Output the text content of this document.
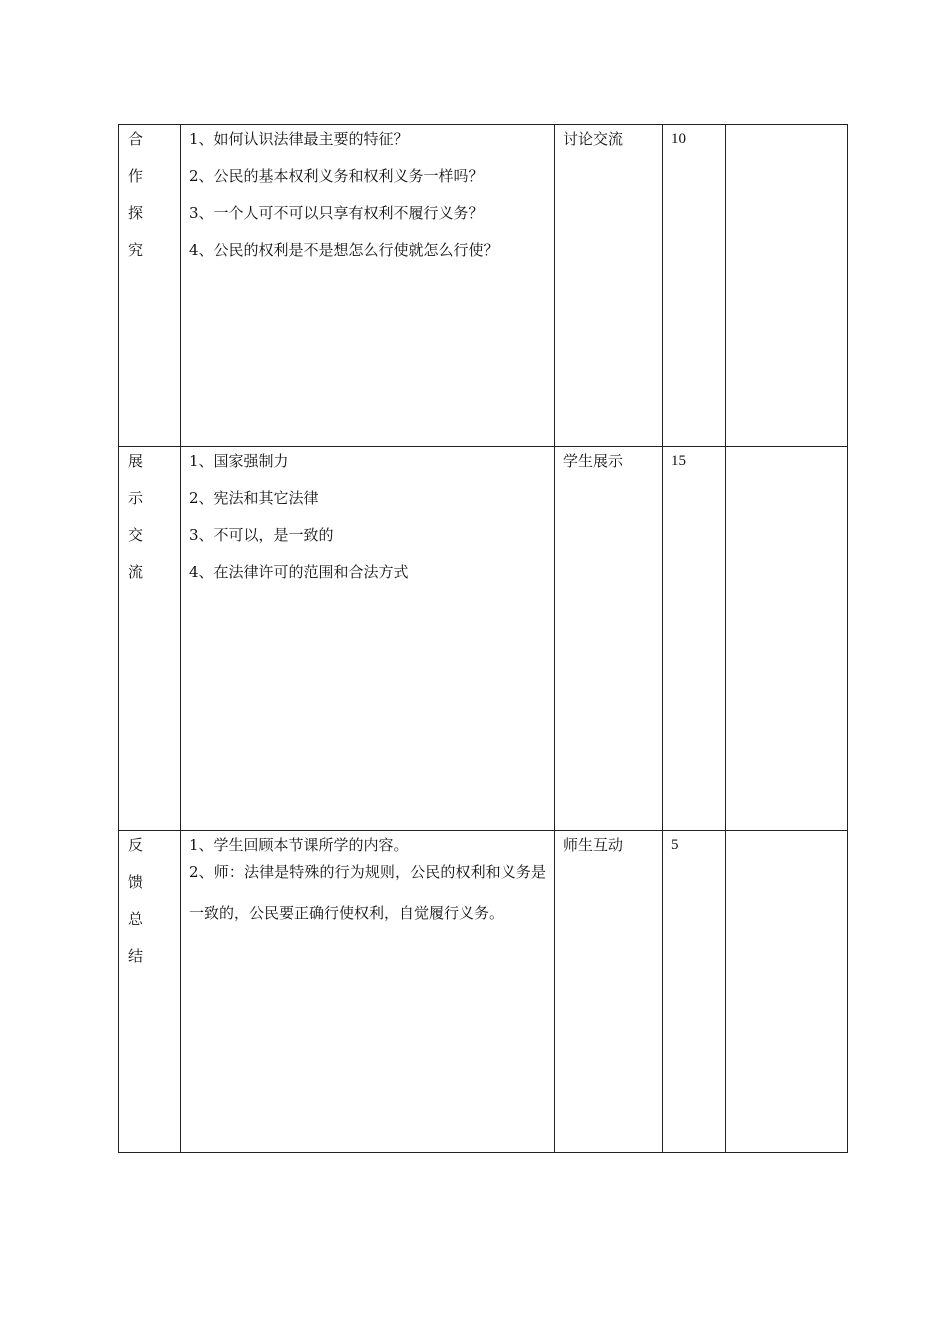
合
作
探
究	1、如何认识法律最主要的特征？
2、公民的基本权利义务和权利义务一样吗？
3、一个人可不可以只享有权利不履行义务？
4、公民的权利是不是想怎么行使就怎么行使？	讨论交流	10	

展
示
交
流	1、国家强制力
2、宪法和其它法律
3、不可以，是一致的
4、在法律许可的范围和合法方式	学生展示	15	

反
馈
总
结	1、学生回顾本节课所学的内容。
2、师：法律是特殊的行为规则，公民的权利和义务是一致的，公民要正确行使权利，自觉履行义务。	师生互动	5	
